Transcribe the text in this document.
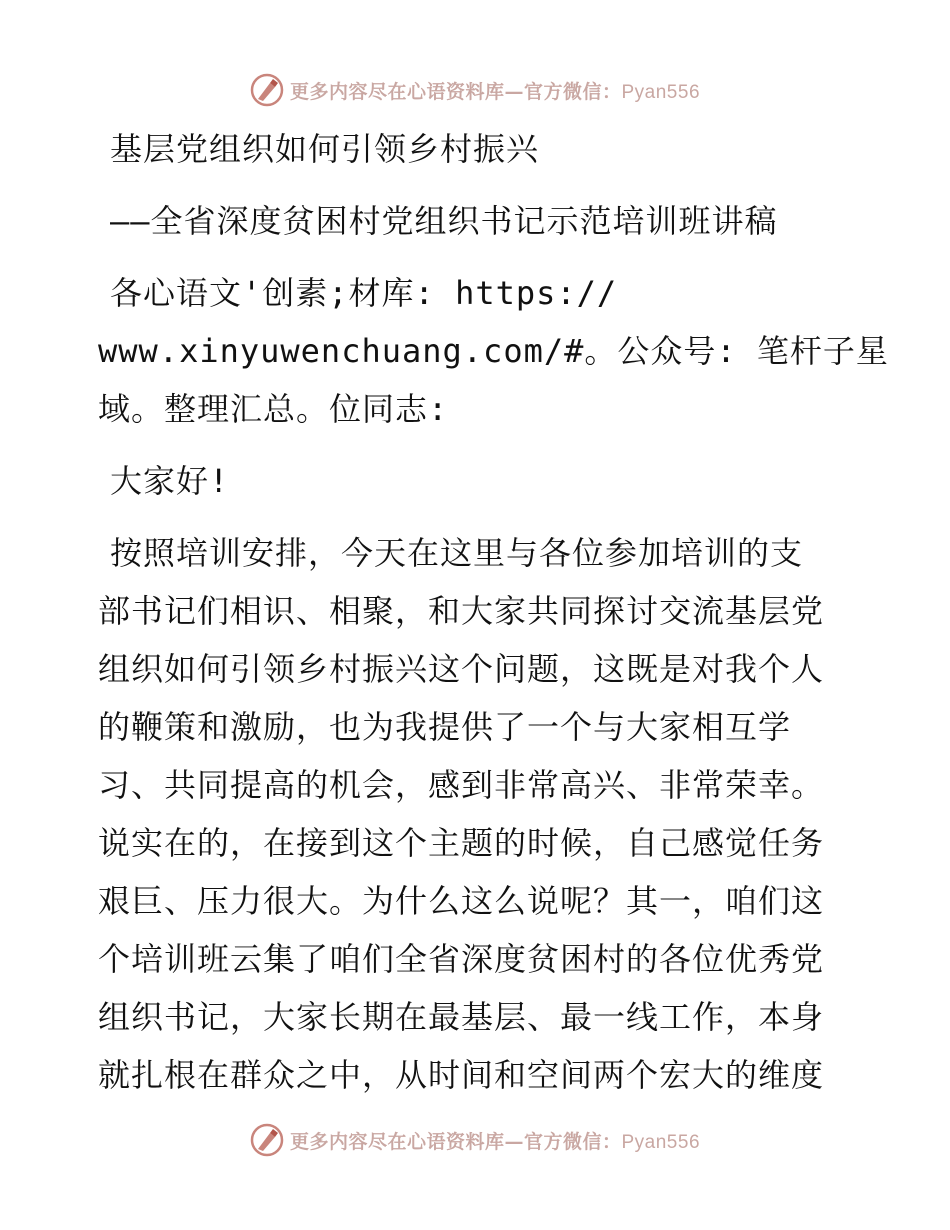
更多内容尽在心语资料库—官方微信：Pyan556
基层党组织如何引领乡村振兴
——全省深度贫困村党组织书记示范培训班讲稿
各心语文'创素;材库: https://
www.xinyuwenchuang.com/#。公众号: 笔杆子星
域。整理汇总。位同志:
大家好!
按照培训安排，今天在这里与各位参加培训的支
部书记们相识、相聚，和大家共同探讨交流基层党
组织如何引领乡村振兴这个问题，这既是对我个人
的鞭策和激励，也为我提供了一个与大家相互学
习、共同提高的机会，感到非常高兴、非常荣幸。
说实在的，在接到这个主题的时候，自己感觉任务
艰巨、压力很大。为什么这么说呢？其一，咱们这
个培训班云集了咱们全省深度贫困村的各位优秀党
组织书记，大家长期在最基层、最一线工作，本身
就扎根在群众之中，从时间和空间两个宏大的维度
更多内容尽在心语资料库—官方微信：Pyan556
